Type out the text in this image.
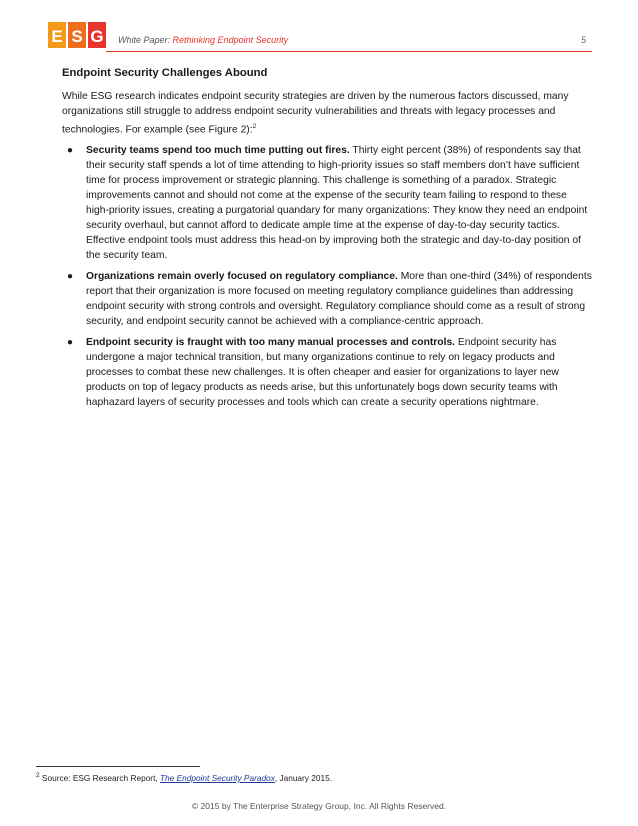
E S G White Paper: Rethinking Endpoint Security	5
Endpoint Security Challenges Abound

While ESG research indicates endpoint security strategies are driven by the numerous factors discussed, many organizations still struggle to address endpoint security vulnerabilities and threats with legacy processes and technologies. For example (see Figure 2):$^2$

● Security teams spend too much time putting out fires. Thirty eight percent (38%) of respondents say that their security staff spends a lot of time attending to high-priority issues so staff members don’t have sufficient time for process improvement or strategic planning. This challenge is something of a paradox. Strategic improvements cannot and should not come at the expense of the security team failing to respond to these high-priority issues, creating a purgatorial quandary for many organizations: They know they need an endpoint security overhaul, but cannot afford to dedicate ample time at the expense of day-to-day security tactics. Effective endpoint tools must address this head-on by improving both the strategic and day-to-day position of the security team.
● Organizations remain overly focused on regulatory compliance. More than one-third (34%) of respondents report that their organization is more focused on meeting regulatory compliance guidelines than addressing endpoint security with strong controls and oversight. Regulatory compliance should come as a result of strong security, and endpoint security cannot be achieved with a compliance-centric approach.
● Endpoint security is fraught with too many manual processes and controls. Endpoint security has undergone a major technical transition, but many organizations continue to rely on legacy products and processes to combat these new challenges. It is often cheaper and easier for organizations to layer new products on top of legacy products as needs arise, but this unfortunately bogs down security teams with haphazard layers of security processes and tools which can create a security operations nightmare.
$^2$ Source: ESG Research Report, The Endpoint Security Paradox, January 2015.
© 2015 by The Enterprise Strategy Group, Inc. All Rights Reserved.
